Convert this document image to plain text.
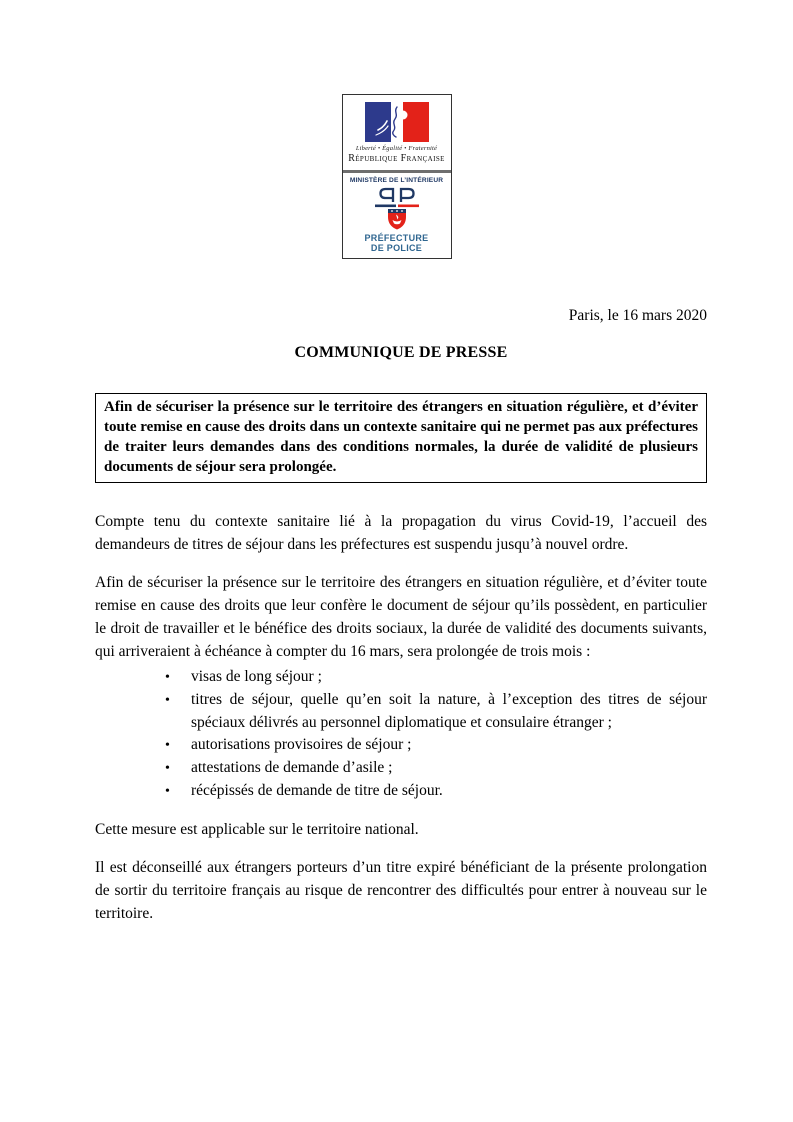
Liberté • Égalité • Fraternité
République Française
MINISTÈRE DE L’INTÉRIEUR
PRÉFECTURE
DE POLICE
Paris, le 16 mars 2020
COMMUNIQUE DE PRESSE
Afin de sécuriser la présence sur le territoire des étrangers en situation régulière, et d’éviter toute remise en cause des droits dans un contexte sanitaire qui ne permet pas aux préfectures de traiter leurs demandes dans des conditions normales, la durée de validité de plusieurs documents de séjour sera prolongée.

Compte tenu du contexte sanitaire lié à la propagation du virus Covid-19, l’accueil des demandeurs de titres de séjour dans les préfectures est suspendu jusqu’à nouvel ordre.

Afin de sécuriser la présence sur le territoire des étrangers en situation régulière, et d’éviter toute remise en cause des droits que leur confère le document de séjour qu’ils possèdent, en particulier le droit de travailler et le bénéfice des droits sociaux, la durée de validité des documents suivants, qui arriveraient à échéance à compter du 16 mars, sera prolongée de trois mois :

•	visas de long séjour ;
•	titres de séjour, quelle qu’en soit la nature, à l’exception des titres de séjour spéciaux délivrés au personnel diplomatique et consulaire étranger ;
•	autorisations provisoires de séjour ;
•	attestations de demande d’asile ;
•	récépissés de demande de titre de séjour.

Cette mesure est applicable sur le territoire national.

Il est déconseillé aux étrangers porteurs d’un titre expiré bénéficiant de la présente prolongation de sortir du territoire français au risque de rencontrer des difficultés pour entrer à nouveau sur le territoire.
